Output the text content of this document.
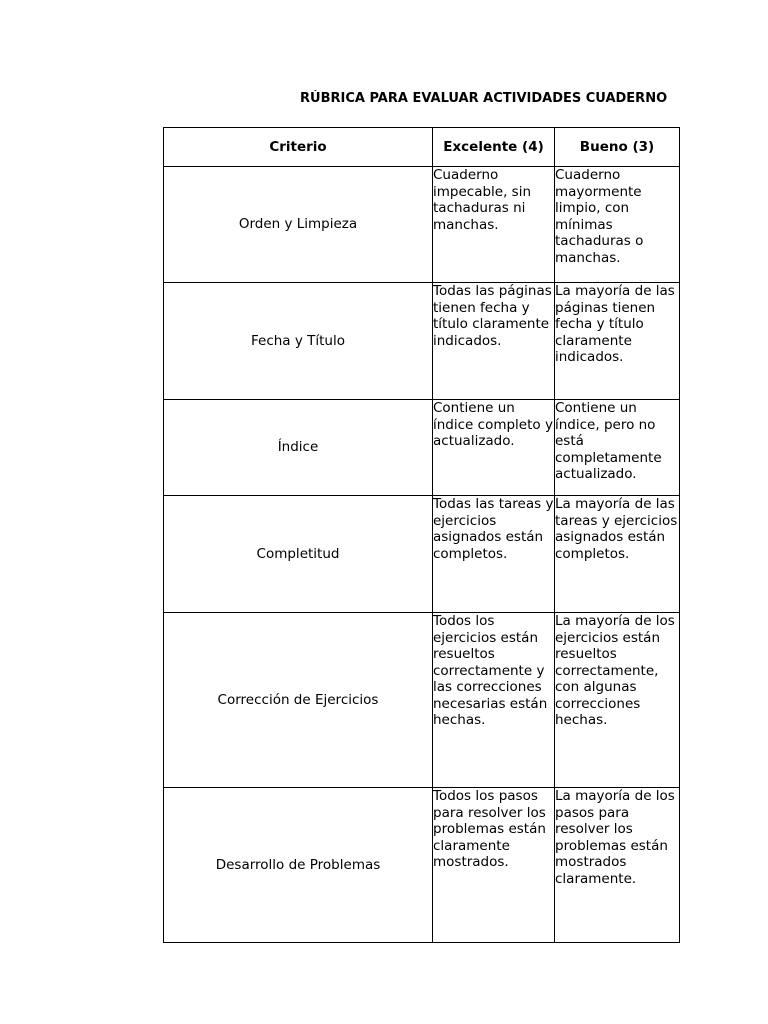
RÚBRICA PARA EVALUAR ACTIVIDADES CUADERNO
Criterio	Excelente (4)	Bueno (3)
Orden y Limpieza	Cuaderno impecable, sin tachaduras ni manchas.	Cuaderno mayormente limpio, con mínimas tachaduras o manchas.
Fecha y Título	Todas las páginas tienen fecha y título claramente indicados.	La mayoría de las páginas tienen fecha y título claramente indicados.
Índice	Contiene un índice completo y actualizado.	Contiene un índice, pero no está completamente actualizado.
Completitud	Todas las tareas y ejercicios asignados están completos.	La mayoría de las tareas y ejercicios asignados están completos.
Corrección de Ejercicios	Todos los ejercicios están resueltos correctamente y las correcciones necesarias están hechas.	La mayoría de los ejercicios están resueltos correctamente, con algunas correcciones hechas.
Desarrollo de Problemas	Todos los pasos para resolver los problemas están claramente mostrados.	La mayoría de los pasos para resolver los problemas están mostrados claramente.
